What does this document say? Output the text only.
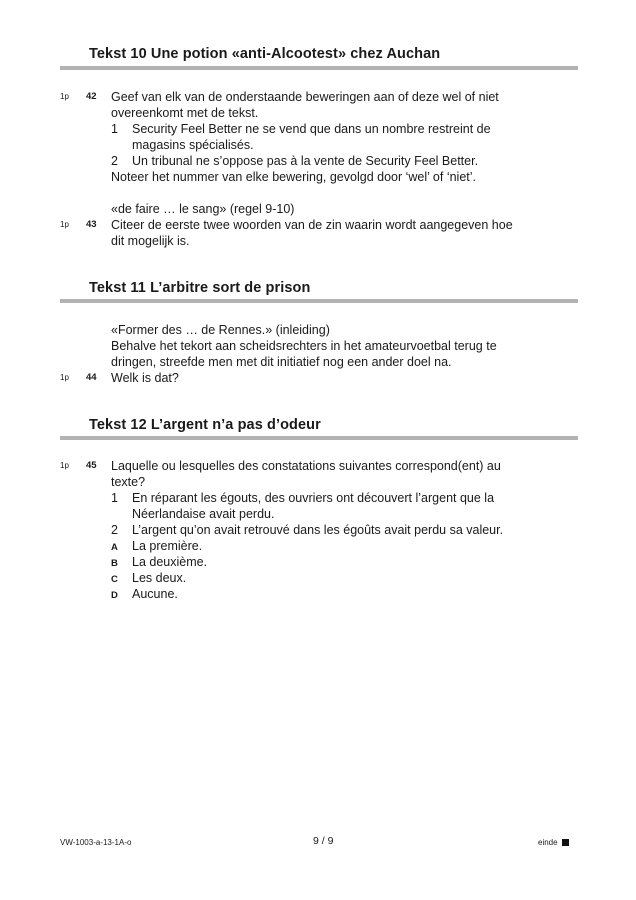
Tekst 10 Une potion «anti-Alcootest» chez Auchan
1p 42 Geef van elk van de onderstaande beweringen aan of deze wel of niet
overeenkomt met de tekst.
1 Security Feel Better ne se vend que dans un nombre restreint de
magasins spécialisés.
2 Un tribunal ne s’oppose pas à la vente de Security Feel Better.
Noteer het nummer van elke bewering, gevolgd door ‘wel’ of ‘niet’.
«de faire … le sang» (regel 9-10)
1p 43 Citeer de eerste twee woorden van de zin waarin wordt aangegeven hoe
dit mogelijk is.
Tekst 11 L’arbitre sort de prison
«Former des … de Rennes.» (inleiding)
Behalve het tekort aan scheidsrechters in het amateurvoetbal terug te
dringen, streefde men met dit initiatief nog een ander doel na.
1p 44 Welk is dat?
Tekst 12 L’argent n’a pas d’odeur
1p 45 Laquelle ou lesquelles des constatations suivantes correspond(ent) au
texte?
1 En réparant les égouts, des ouvriers ont découvert l’argent que la
Néerlandaise avait perdu.
2 L’argent qu’on avait retrouvé dans les égoûts avait perdu sa valeur.
A La première.
B La deuxième.
C Les deux.
D Aucune.
VW-1003-a-13-1A-o	9 / 9	einde
